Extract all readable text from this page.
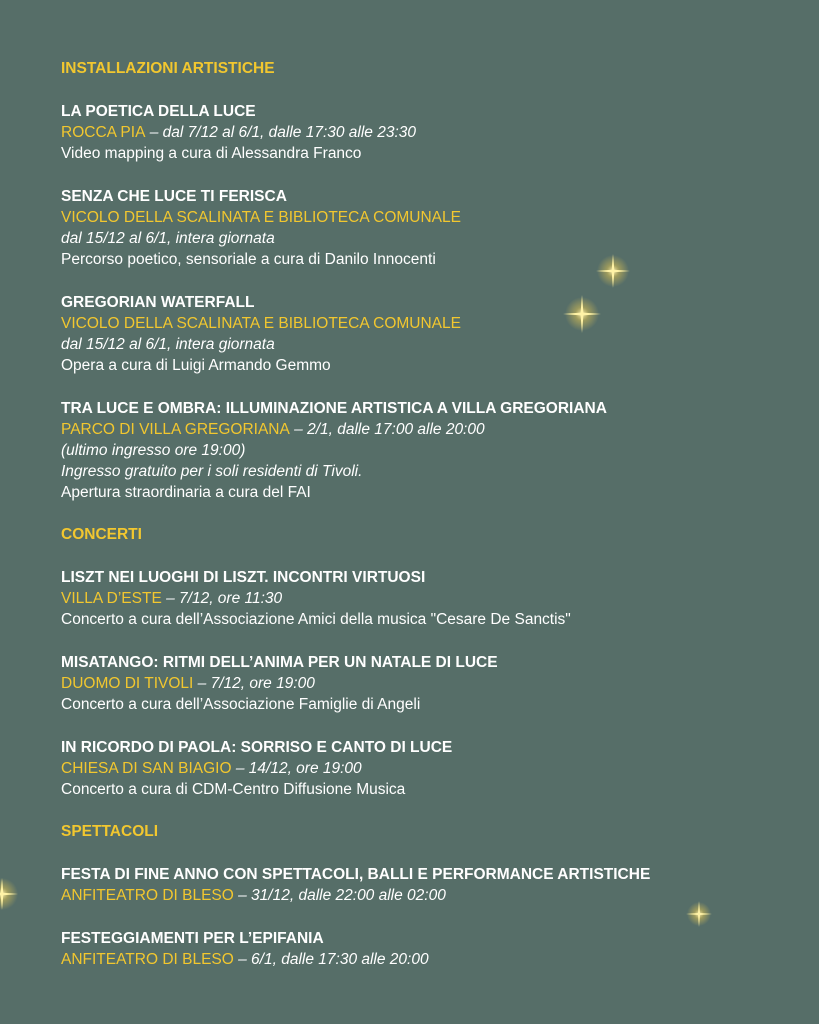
INSTALLAZIONI ARTISTICHE
LA POETICA DELLA LUCE
ROCCA PIA – dal 7/12 al 6/1, dalle 17:30 alle 23:30
Video mapping a cura di Alessandra Franco
SENZA CHE LUCE TI FERISCA
VICOLO DELLA SCALINATA E BIBLIOTECA COMUNALE
dal 15/12 al 6/1, intera giornata
Percorso poetico, sensoriale a cura di Danilo Innocenti
GREGORIAN WATERFALL
VICOLO DELLA SCALINATA E BIBLIOTECA COMUNALE
dal 15/12 al 6/1, intera giornata
Opera a cura di Luigi Armando Gemmo
TRA LUCE E OMBRA: ILLUMINAZIONE ARTISTICA A VILLA GREGORIANA
PARCO DI VILLA GREGORIANA – 2/1, dalle 17:00 alle 20:00
(ultimo ingresso ore 19:00)
Ingresso gratuito per i soli residenti di Tivoli.
Apertura straordinaria a cura del FAI
CONCERTI
LISZT NEI LUOGHI DI LISZT. INCONTRI VIRTUOSI
VILLA D’ESTE – 7/12, ore 11:30
Concerto a cura dell’Associazione Amici della musica "Cesare De Sanctis"
MISATANGO: RITMI DELL’ANIMA PER UN NATALE DI LUCE
DUOMO DI TIVOLI – 7/12, ore 19:00
Concerto a cura dell’Associazione Famiglie di Angeli
IN RICORDO DI PAOLA: SORRISO E CANTO DI LUCE
CHIESA DI SAN BIAGIO – 14/12, ore 19:00
Concerto a cura di CDM-Centro Diffusione Musica
SPETTACOLI
FESTA DI FINE ANNO CON SPETTACOLI, BALLI E PERFORMANCE ARTISTICHE
ANFITEATRO DI BLESO – 31/12, dalle 22:00 alle 02:00
FESTEGGIAMENTI PER L’EPIFANIA
ANFITEATRO DI BLESO – 6/1, dalle 17:30 alle 20:00
